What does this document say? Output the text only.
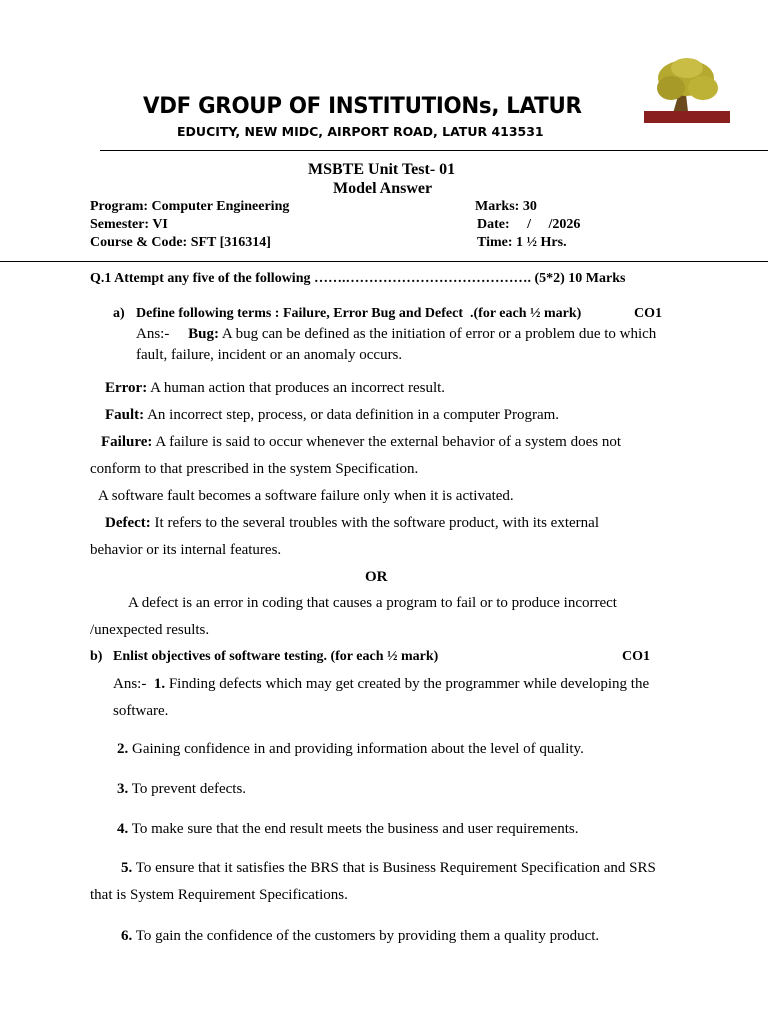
VDF GROUP OF INSTITUTIONs, LATUR
EDUCITY, NEW MIDC, AIRPORT ROAD, LATUR 413531
MSBTE Unit Test- 01
Model Answer
Program: Computer Engineering
Semester: VI
Course & Code: SFT [316314]
Marks: 30
Date:     /     /2026
Time: 1 ½ Hrs.
Q.1 Attempt any five of the following …….…………………………………. (5*2) 10 Marks
a) Define following terms : Failure, Error Bug and Defect  .(for each ½ mark)	CO1
Ans:- Bug: A bug can be defined as the initiation of error or a problem due to which
fault, failure, incident or an anomaly occurs.
Error: A human action that produces an incorrect result.
Fault: An incorrect step, process, or data definition in a computer Program.
Failure: A failure is said to occur whenever the external behavior of a system does not
conform to that prescribed in the system Specification.
A software fault becomes a software failure only when it is activated.
Defect: It refers to the several troubles with the software product, with its external
behavior or its internal features.
OR
A defect is an error in coding that causes a program to fail or to produce incorrect
/unexpected results.
b) Enlist objectives of software testing. (for each ½ mark)	CO1
Ans:- 1. Finding defects which may get created by the programmer while developing the
software.
2. Gaining confidence in and providing information about the level of quality.
3. To prevent defects.
4. To make sure that the end result meets the business and user requirements.
5. To ensure that it satisfies the BRS that is Business Requirement Specification and SRS
that is System Requirement Specifications.
6. To gain the confidence of the customers by providing them a quality product.
